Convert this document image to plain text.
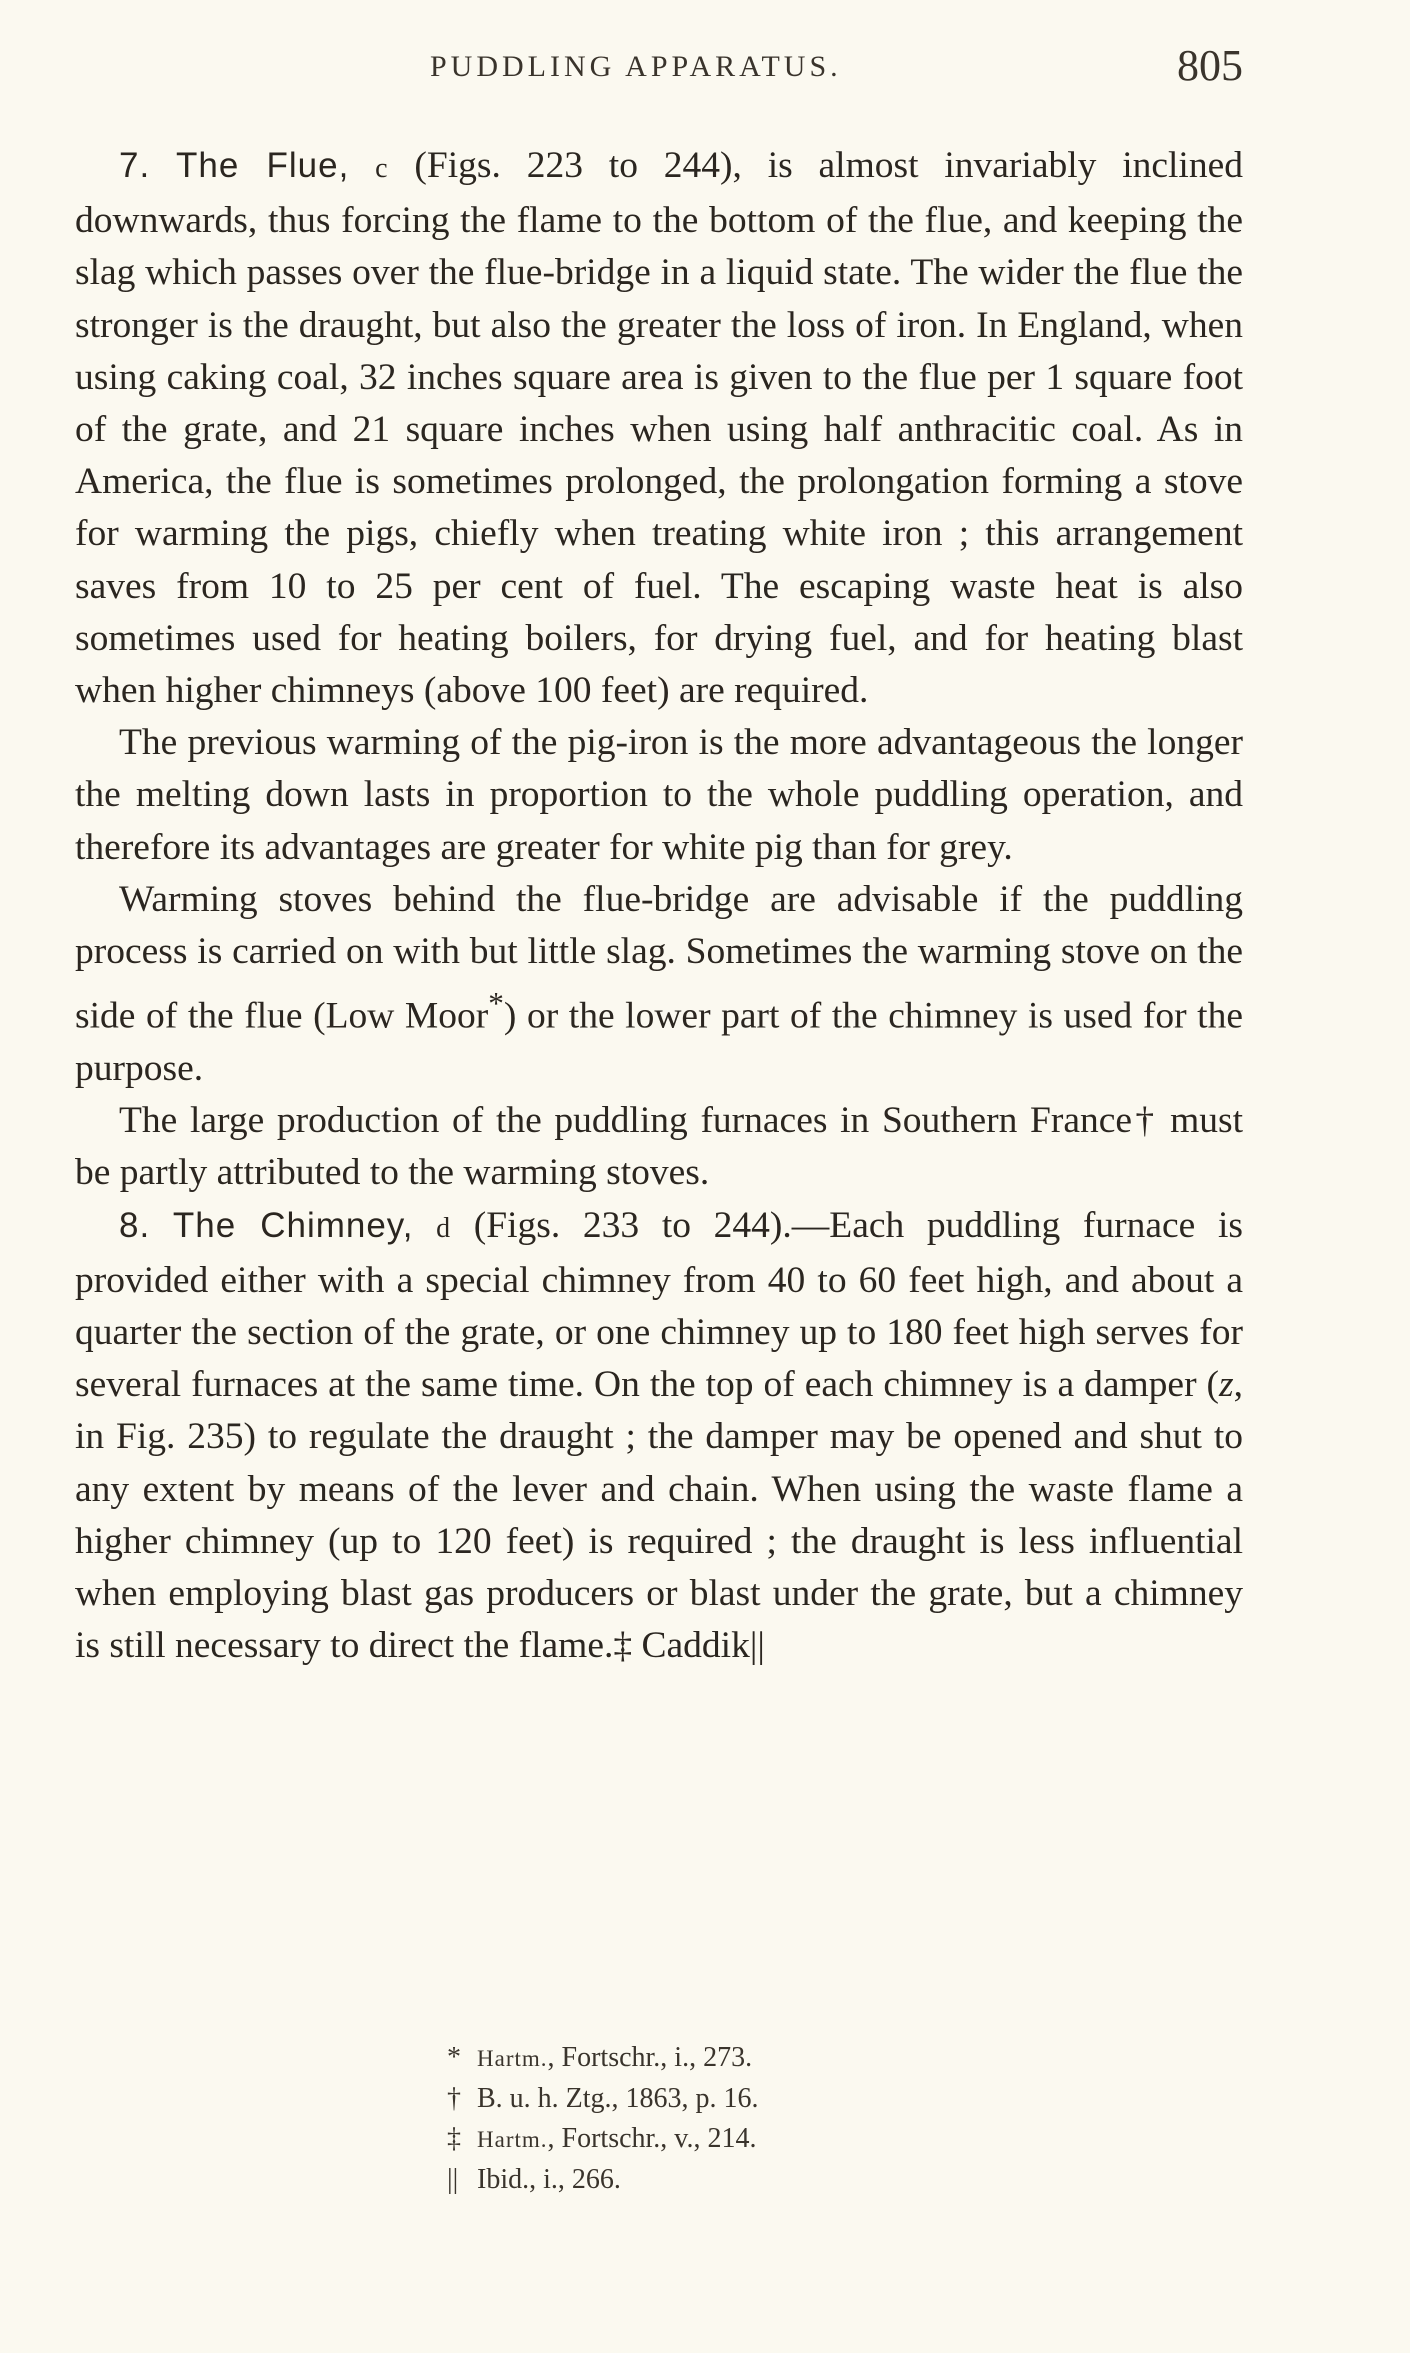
PUDDLING APPARATUS.	805

7. The Flue, c (Figs. 223 to 244), is almost invariably inclined downwards, thus forcing the flame to the bottom of the flue, and keeping the slag which passes over the flue-bridge in a liquid state. The wider the flue the stronger is the draught, but also the greater the loss of iron. In England, when using caking coal, 32 inches square area is given to the flue per 1 square foot of the grate, and 21 square inches when using half anthracitic coal. As in America, the flue is sometimes prolonged, the prolongation forming a stove for warming the pigs, chiefly when treating white iron ; this arrangement saves from 10 to 25 per cent of fuel. The escaping waste heat is also sometimes used for heating boilers, for drying fuel, and for heating blast when higher chimneys (above 100 feet) are required.

The previous warming of the pig-iron is the more advantageous the longer the melting down lasts in proportion to the whole puddling operation, and therefore its advantages are greater for white pig than for grey.

Warming stoves behind the flue-bridge are advisable if the puddling process is carried on with but little slag. Sometimes the warming stove on the side of the flue (Low Moor*) or the lower part of the chimney is used for the purpose.

The large production of the puddling furnaces in Southern France† must be partly attributed to the warming stoves.

8. The Chimney, d (Figs. 233 to 244).—Each puddling furnace is provided either with a special chimney from 40 to 60 feet high, and about a quarter the section of the grate, or one chimney up to 180 feet high serves for several furnaces at the same time. On the top of each chimney is a damper (z, in Fig. 235) to regulate the draught ; the damper may be opened and shut to any extent by means of the lever and chain. When using the waste flame a higher chimney (up to 120 feet) is required ; the draught is less influential when employing blast gas producers or blast under the grate, but a chimney is still necessary to direct the flame.‡ Caddik||

* Hartm., Fortschr., i., 273.
† B. u. h. Ztg., 1863, p. 16.
‡ Hartm., Fortschr., v., 214.
|| Ibid., i., 266.
